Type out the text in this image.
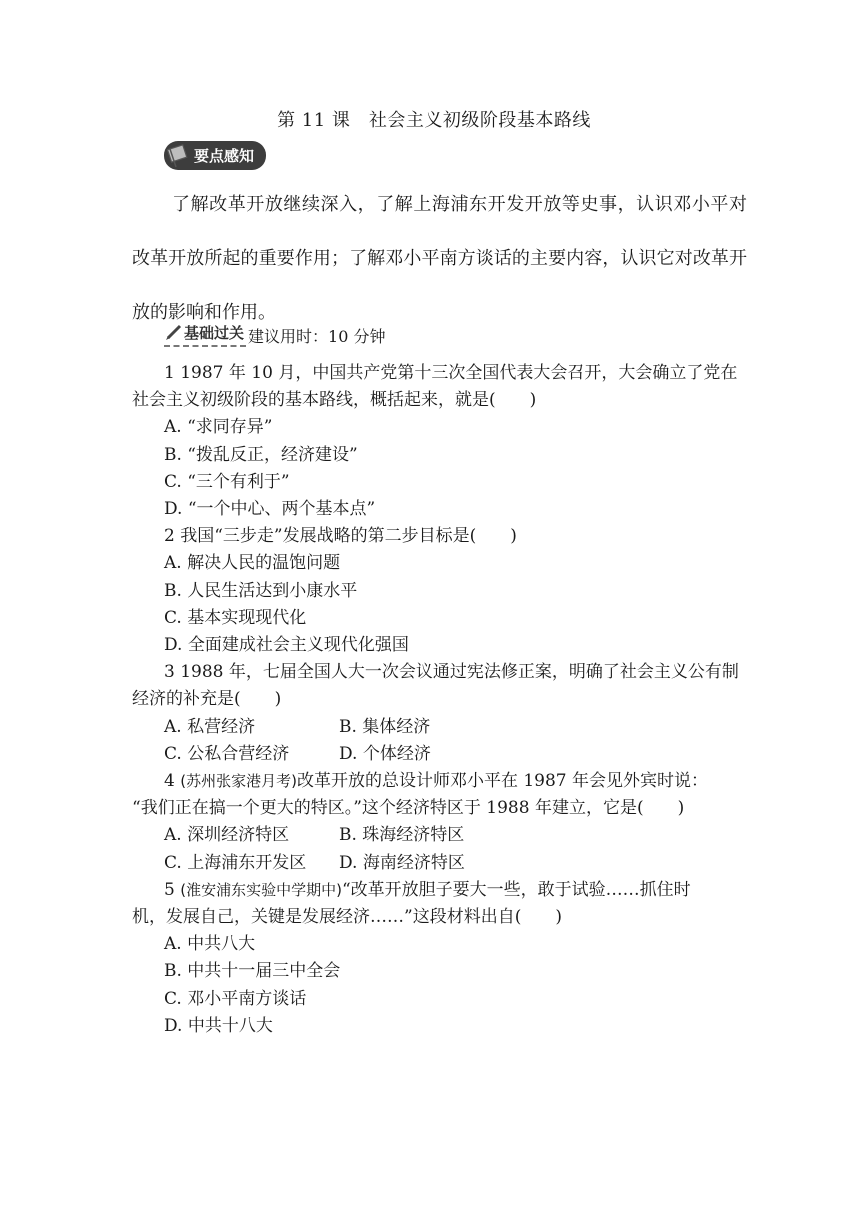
第 11 课　社会主义初级阶段基本路线
要点感知
了解改革开放继续深入，了解上海浦东开发开放等史事，认识邓小平对改革开放所起的重要作用；了解邓小平南方谈话的主要内容，认识它对改革开放的影响和作用。
基础过关 建议用时：10 分钟

1 1987 年 10 月，中国共产党第十三次全国代表大会召开，大会确立了党在

社会主义初级阶段的基本路线，概括起来，就是(　　)

A. “求同存异”

B. “拨乱反正，经济建设”

C. “三个有利于”

D. “一个中心、两个基本点”

2 我国“三步走”发展战略的第二步目标是(　　)

A. 解决人民的温饱问题

B. 人民生活达到小康水平

C. 基本实现现代化

D. 全面建成社会主义现代化强国

3 1988 年，七届全国人大一次会议通过宪法修正案，明确了社会主义公有制

经济的补充是(　　)

A. 私营经济	B. 集体经济
C. 公私合营经济	D. 个体经济

4 (苏州张家港月考)改革开放的总设计师邓小平在 1987 年会见外宾时说：

“我们正在搞一个更大的特区。”这个经济特区于 1988 年建立，它是(　　)

A. 深圳经济特区	B. 珠海经济特区
C. 上海浦东开发区	D. 海南经济特区

5 (淮安浦东实验中学期中)“改革开放胆子要大一些，敢于试验……抓住时

机，发展自己，关键是发展经济……”这段材料出自(　　)

A. 中共八大

B. 中共十一届三中全会

C. 邓小平南方谈话

D. 中共十八大
